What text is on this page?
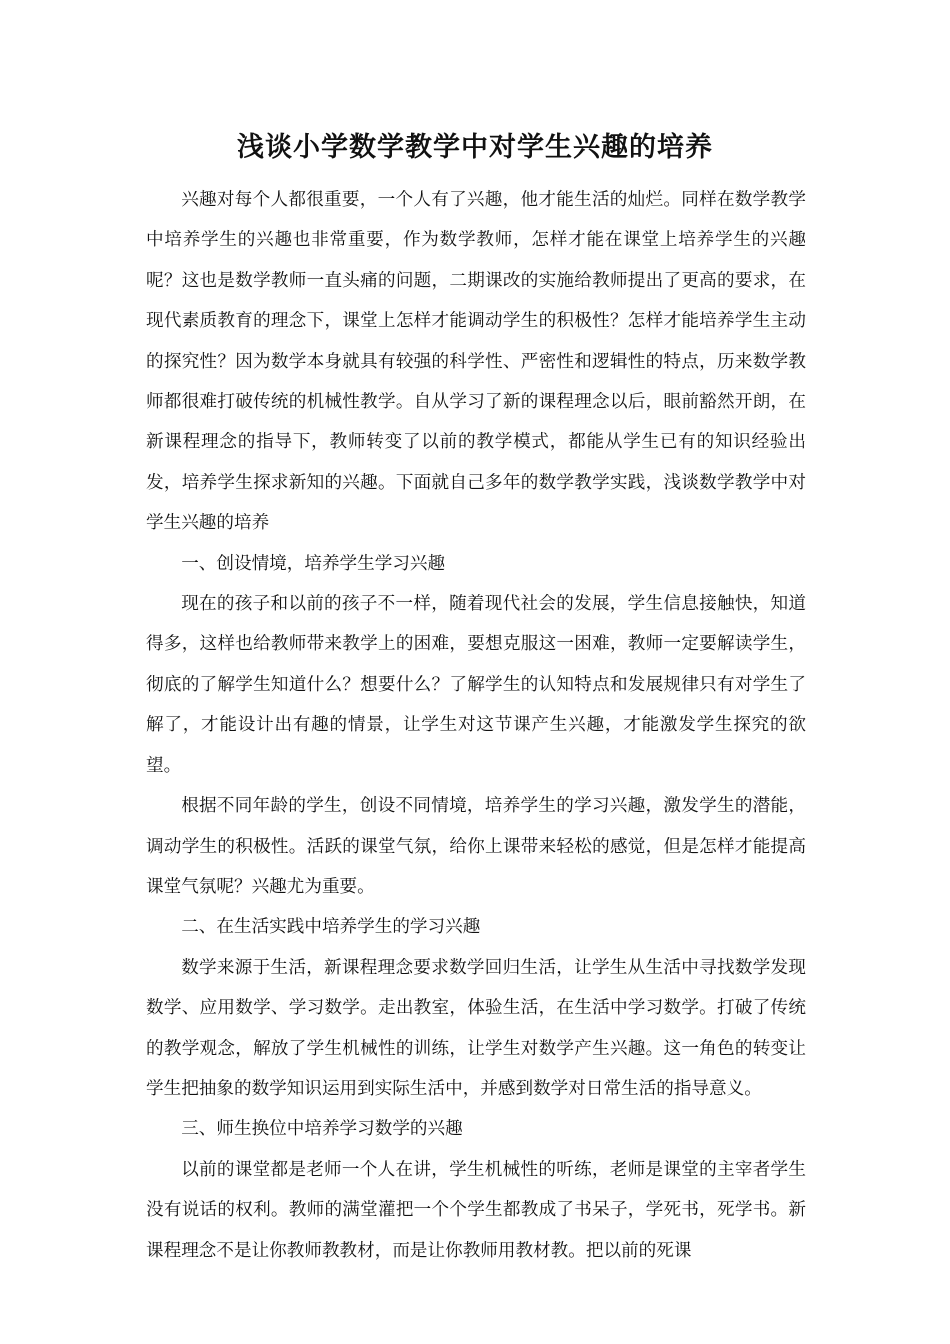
浅谈小学数学教学中对学生兴趣的培养

兴趣对每个人都很重要，一个人有了兴趣，他才能生活的灿烂。同样在数学教学中培养学生的兴趣也非常重要，作为数学教师，怎样才能在课堂上培养学生的兴趣呢？这也是数学教师一直头痛的问题，二期课改的实施给教师提出了更高的要求，在现代素质教育的理念下，课堂上怎样才能调动学生的积极性？怎样才能培养学生主动的探究性？因为数学本身就具有较强的科学性、严密性和逻辑性的特点，历来数学教师都很难打破传统的机械性教学。自从学习了新的课程理念以后，眼前豁然开朗，在新课程理念的指导下，教师转变了以前的教学模式，都能从学生已有的知识经验出发，培养学生探求新知的兴趣。下面就自己多年的数学教学实践，浅谈数学教学中对学生兴趣的培养

一、创设情境，培养学生学习兴趣

现在的孩子和以前的孩子不一样，随着现代社会的发展，学生信息接触快，知道得多，这样也给教师带来教学上的困难，要想克服这一困难，教师一定要解读学生，彻底的了解学生知道什么？想要什么？了解学生的认知特点和发展规律只有对学生了解了，才能设计出有趣的情景，让学生对这节课产生兴趣，才能激发学生探究的欲望。

根据不同年龄的学生，创设不同情境，培养学生的学习兴趣，激发学生的潜能，调动学生的积极性。活跃的课堂气氛，给你上课带来轻松的感觉，但是怎样才能提高课堂气氛呢？兴趣尤为重要。

二、在生活实践中培养学生的学习兴趣

数学来源于生活，新课程理念要求数学回归生活，让学生从生活中寻找数学发现数学、应用数学、学习数学。走出教室，体验生活，在生活中学习数学。打破了传统的教学观念，解放了学生机械性的训练，让学生对数学产生兴趣。这一角色的转变让学生把抽象的数学知识运用到实际生活中，并感到数学对日常生活的指导意义。

三、师生换位中培养学习数学的兴趣

以前的课堂都是老师一个人在讲，学生机械性的听练，老师是课堂的主宰者学生没有说话的权利。教师的满堂灌把一个个学生都教成了书呆子，学死书，死学书。新课程理念不是让你教师教教材，而是让你教师用教材教。把以前的死课
